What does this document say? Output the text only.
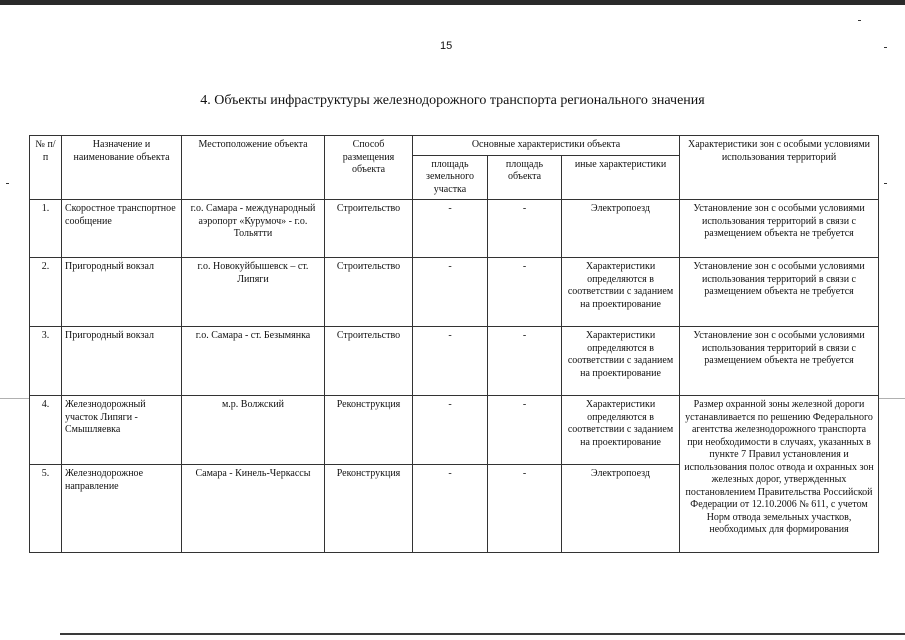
15
4. Объекты инфраструктуры железнодорожного транспорта регионального значения
№ п/п	Назначение и наименование объекта	Местоположение объекта	Способ размещения объекта	Основные характеристики объекта			Характеристики зон с особыми условиями использования территорий
				площадь земельного участка	площадь объекта	иные характеристики	
1.	Скоростное транспортное сообщение	г.о. Самара - международный аэропорт «Курумоч» - г.о. Тольятти	Строительство	-	-	Электропоезд	Установление зон с особыми условиями использования территорий в связи с размещением объекта не требуется
2.	Пригородный вокзал	г.о. Новокуйбышевск – ст. Липяги	Строительство	-	-	Характеристики определяются в соответствии с заданием на проектирование	Установление зон с особыми условиями использования территорий в связи с размещением объекта не требуется
3.	Пригородный вокзал	г.о. Самара - ст. Безымянка	Строительство	-	-	Характеристики определяются в соответствии с заданием на проектирование	Установление зон с особыми условиями использования территорий в связи с размещением объекта не требуется
4.	Железнодорожный участок Липяги - Смышляевка	м.р. Волжский	Реконструкция	-	-	Характеристики определяются в соответствии с заданием на проектирование	Размер охранной зоны железной дороги устанавливается по решению Федерального агентства железнодорожного транспорта при необходимости в случаях, указанных в пункте 7 Правил установления и использования полос отвода и охранных зон железных дорог, утвержденных постановлением Правительства Российской Федерации от 12.10.2006 № 611, с учетом Норм отвода земельных участков, необходимых для формирования
5.	Железнодорожное направление	Самара - Кинель-Черкассы	Реконструкция	-	-	Электропоезд	
